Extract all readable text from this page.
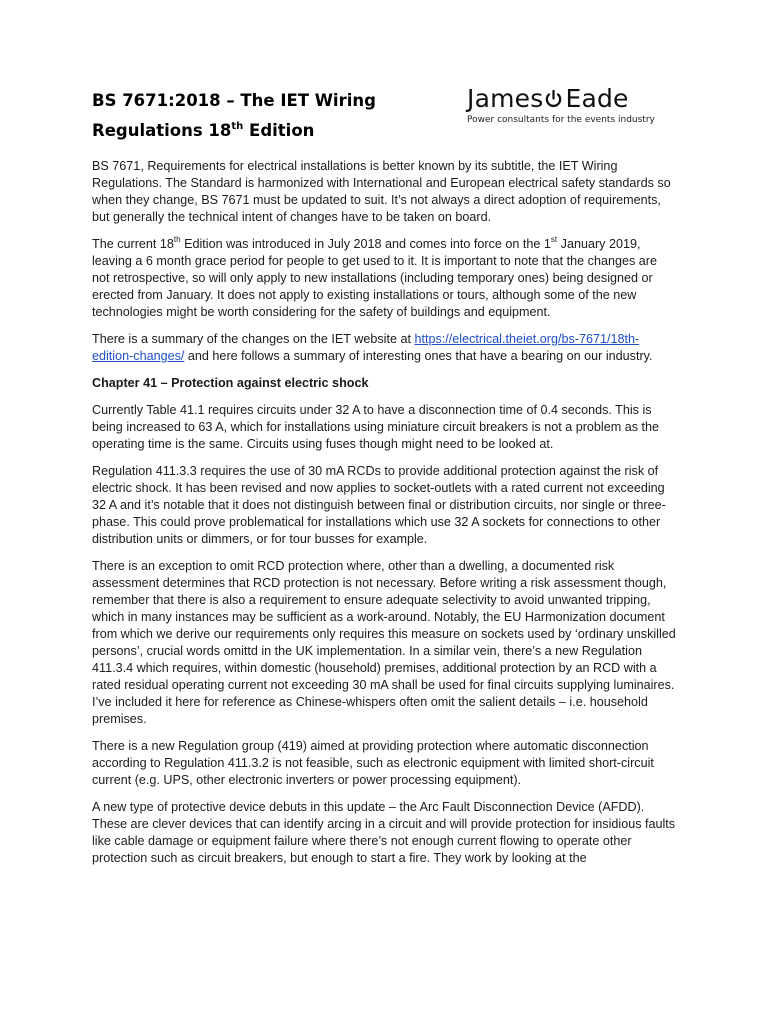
BS 7671:2018 – The IET Wiring
Regulations 18th Edition
James Eade
Power consultants for the events industry

BS 7671, Requirements for electrical installations is better known by its subtitle, the IET Wiring Regulations. The Standard is harmonized with International and European electrical safety standards so when they change, BS 7671 must be updated to suit. It’s not always a direct adoption of requirements, but generally the technical intent of changes have to be taken on board.

The current 18th Edition was introduced in July 2018 and comes into force on the 1st January 2019, leaving a 6 month grace period for people to get used to it. It is important to note that the changes are not retrospective, so will only apply to new installations (including temporary ones) being designed or erected from January. It does not apply to existing installations or tours, although some of the new technologies might be worth considering for the safety of buildings and equipment.

There is a summary of the changes on the IET website at https://electrical.theiet.org/bs-7671/18th-edition-changes/ and here follows a summary of interesting ones that have a bearing on our industry.

Chapter 41 – Protection against electric shock

Currently Table 41.1 requires circuits under 32 A to have a disconnection time of 0.4 seconds. This is being increased to 63 A, which for installations using miniature circuit breakers is not a problem as the operating time is the same. Circuits using fuses though might need to be looked at.

Regulation 411.3.3 requires the use of 30 mA RCDs to provide additional protection against the risk of electric shock. It has been revised and now applies to socket-outlets with a rated current not exceeding 32 A and it’s notable that it does not distinguish between final or distribution circuits, nor single or three-phase. This could prove problematical for installations which use 32 A sockets for connections to other distribution units or dimmers, or for tour busses for example.

There is an exception to omit RCD protection where, other than a dwelling, a documented risk assessment determines that RCD protection is not necessary. Before writing a risk assessment though, remember that there is also a requirement to ensure adequate selectivity to avoid unwanted tripping, which in many instances may be sufficient as a work-around. Notably, the EU Harmonization document from which we derive our requirements only requires this measure on sockets used by ‘ordinary unskilled persons’, crucial words omittd in the UK implementation. In a similar vein, there’s a new Regulation 411.3.4 which requires, within domestic (household) premises, additional protection by an RCD with a rated residual operating current not exceeding 30 mA shall be used for final circuits supplying luminaires. I’ve included it here for reference as Chinese-whispers often omit the salient details – i.e. household premises.

There is a new Regulation group (419) aimed at providing protection where automatic disconnection according to Regulation 411.3.2 is not feasible, such as electronic equipment with limited short-circuit current (e.g. UPS, other electronic inverters or power processing equipment).

A new type of protective device debuts in this update – the Arc Fault Disconnection Device (AFDD). These are clever devices that can identify arcing in a circuit and will provide protection for insidious faults like cable damage or equipment failure where there’s not enough current flowing to operate other protection such as circuit breakers, but enough to start a fire. They work by looking at the
